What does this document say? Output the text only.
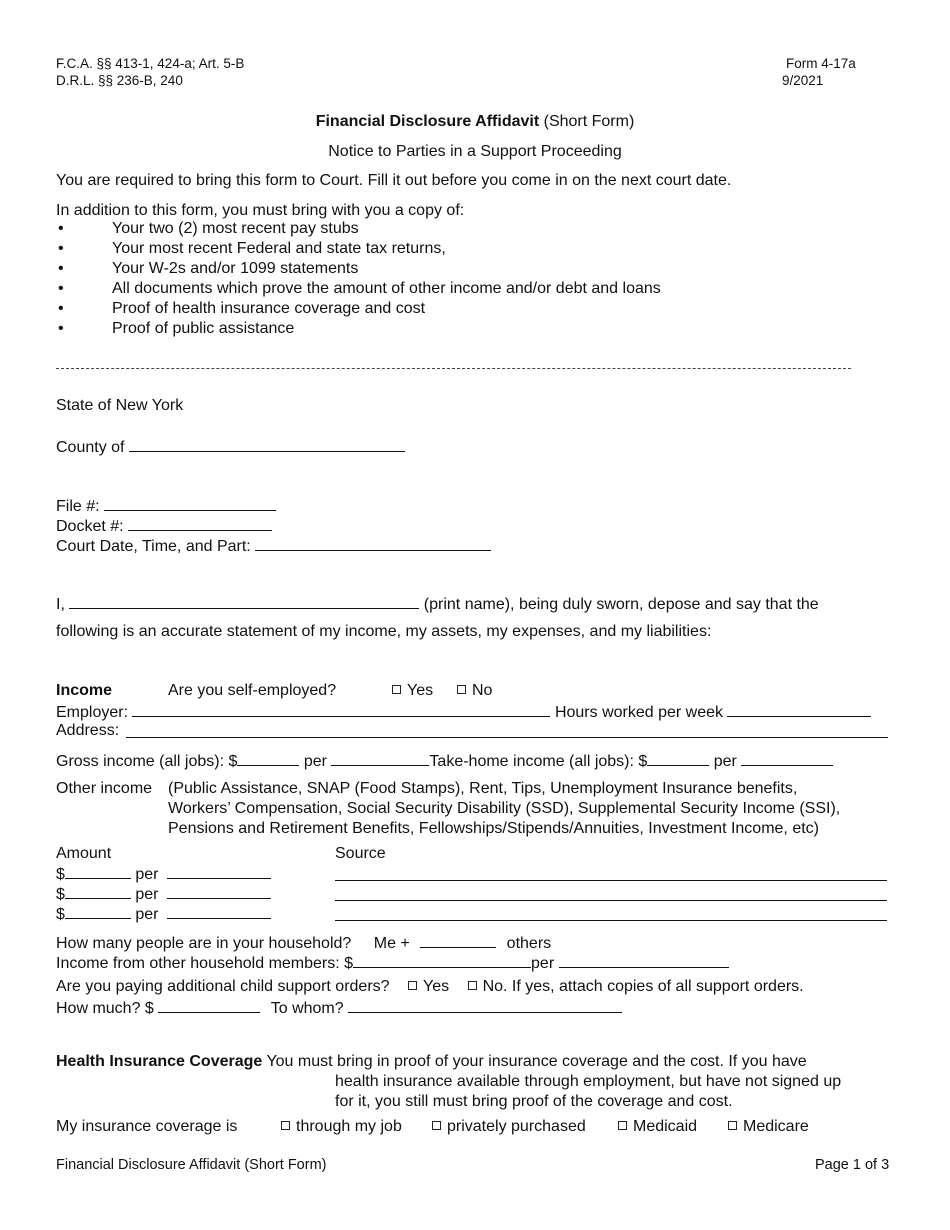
F.C.A. §§ 413-1, 424-a; Art. 5-B
D.R.L. §§ 236-B, 240
Form 4-17a
9/2021
Financial Disclosure Affidavit (Short Form)
Notice to Parties in a Support Proceeding
You are required to bring this form to Court. Fill it out before you come in on the next court date.
In addition to this form, you must bring with you a copy of:
• Your two (2) most recent pay stubs
• Your most recent Federal and state tax returns,
• Your W-2s and/or 1099 statements
• All documents which prove the amount of other income and/or debt and loans
• Proof of health insurance coverage and cost
• Proof of public assistance
State of New York
County of
File #:
Docket #:
Court Date, Time, and Part:
I,	(print name), being duly sworn, depose and say that the
following is an accurate statement of my income, my assets, my expenses, and my liabilities:
Income	Are you self-employed?	Yes	No
Employer:	Hours worked per week
Address:
Gross income (all jobs): $	per	Take-home income (all jobs): $	per
Other income (Public Assistance, SNAP (Food Stamps), Rent, Tips, Unemployment Insurance benefits,
Workers’ Compensation, Social Security Disability (SSD), Supplemental Security Income (SSI),
Pensions and Retirement Benefits, Fellowships/Stipends/Annuities, Investment Income, etc)
Amount	Source
$	per
$	per
$	per
How many people are in your household? Me +	others
Income from other household members: $	per
Are you paying additional child support orders? Yes No. If yes, attach copies of all support orders.
How much? $	To whom?
Health Insurance Coverage You must bring in proof of your insurance coverage and the cost. If you have
health insurance available through employment, but have not signed up
for it, you still must bring proof of the coverage and cost.
My insurance coverage is	through my job	privately purchased	Medicaid	Medicare
Financial Disclosure Affidavit (Short Form)	Page 1 of 3
